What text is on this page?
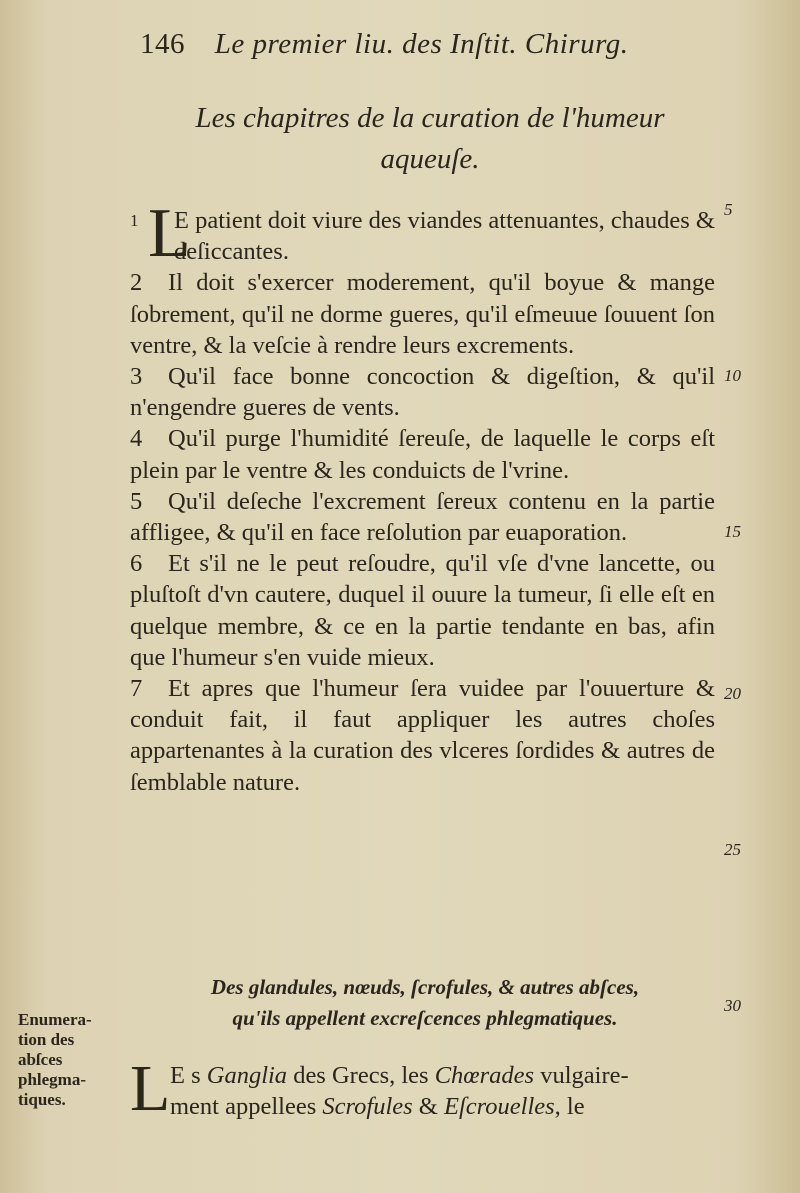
146 Le premier liu. des Inſtit. Chirurg.
Les chapitres de la curation de l'humeur
aqueuſe.

1 L
E patient doit viure des viandes attenuantes, chaudes & deſiccantes.

2 Il doit s'exercer moderement, qu'il boyue & mange ſobrement, qu'il ne dorme gueres, qu'il eſmeuue ſouuent ſon ventre, & la veſcie à rendre leurs excrements.

3 Qu'il face bonne concoction & digeſtion, & qu'il n'engendre gueres de vents.

4 Qu'il purge l'humidité ſereuſe, de laquelle le corps eſt plein par le ventre & les conduicts de l'vrine.

5 Qu'il deſeche l'excrement ſereux contenu en la partie affligee, & qu'il en face reſolution par euaporation.

6 Et s'il ne le peut reſoudre, qu'il vſe d'vne lancette, ou pluſtoſt d'vn cautere, duquel il ouure la tumeur, ſi elle eſt en quelque membre, & ce en la partie tendante en bas, afin que l'humeur s'en vuide mieux.

7 Et apres que l'humeur ſera vuidee par l'ouuerture & conduit fait, il faut appliquer les autres choſes appartenantes à la curation des vlceres ſordides & autres de ſemblable nature.

Des glandules, nœuds, ſcrofules, & autres abſces,
qu'ils appellent excreſcences phlegmatiques.
L E s Ganglia des Grecs, les Chœrades vulgaire-
ment appellees Scrofules & Eſcrouelles, le
Enumera-
tion des
abſces
phlegma-
tiques.
5
10
15
20
25
30
